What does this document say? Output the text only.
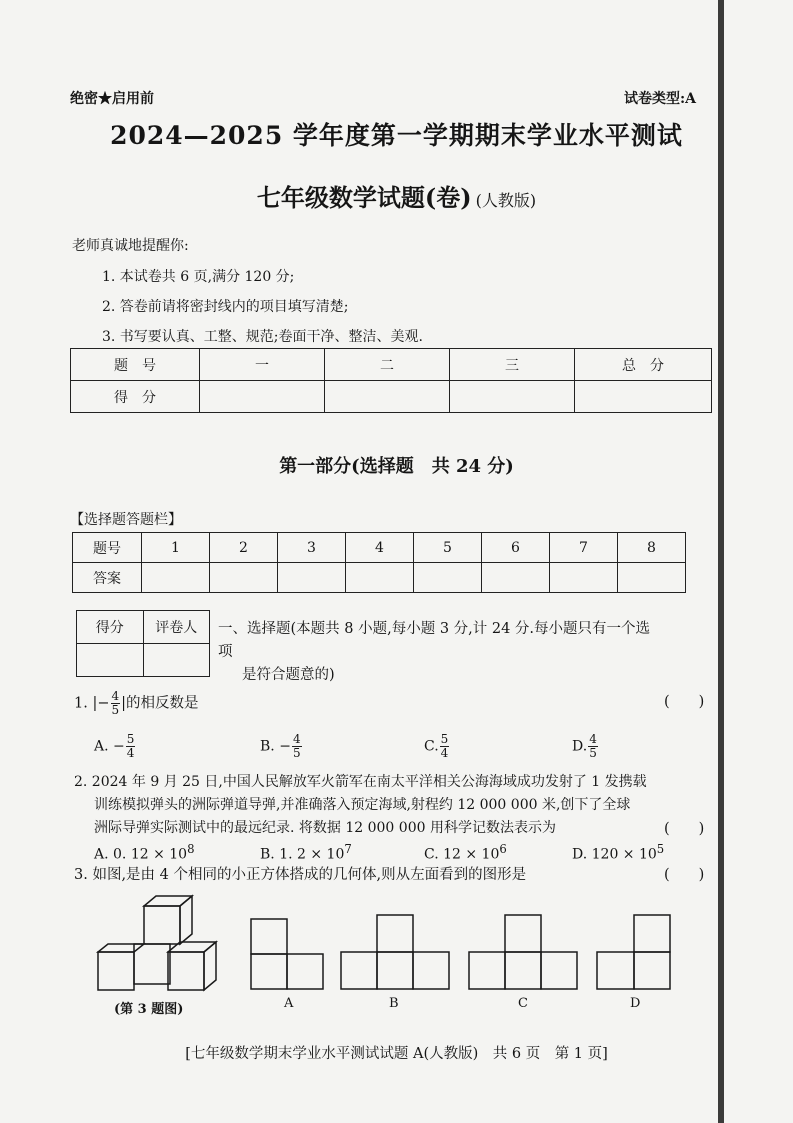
绝密★启用前	试卷类型:A
2024—2025 学年度第一学期期末学业水平测试
七年级数学试题(卷) (人教版)
老师真诚地提醒你:
1. 本试卷共 6 页,满分 120 分;
2. 答卷前请将密封线内的项目填写清楚;
3. 书写要认真、工整、规范;卷面干净、整洁、美观.
题　号	一	二	三	总　分
得　分				
第一部分(选择题　共 24 分)
【选择题答题栏】
题号	1	2	3	4	5	6	7	8
答案								
得分	评卷人
	一、选择题(本题共 8 小题,每小题 3 分,计 24 分.每小题只有一个选项
是符合题意的)
1. |− $\frac{4}{5}$ |的相反数是	(　　)
A. − $\frac{5}{4}$	B. − $\frac{4}{5}$	C. $\frac{5}{4}$	D. $\frac{4}{5}$
2. 2024 年 9 月 25 日,中国人民解放军火箭军在南太平洋相关公海海域成功发射了 1 发携载
训练模拟弹头的洲际弹道导弹,并准确落入预定海域,射程约 12 000 000 米,创下了全球
洲际导弹实际测试中的最远纪录. 将数据 12 000 000 用科学记数法表示为	(　　)
A. 0. $12 \times 10^8$	B. 1. $2 \times 10^7$	C. $12 \times 10^6$	D. $120 \times 10^5$
3. 如图,是由 4 个相同的小正方体搭成的几何体,则从左面看到的图形是	(　　)
(第 3 题图)	A	B	C	D
[七年级数学期末学业水平测试试题 A(人教版)　共 6 页　第 1 页]
